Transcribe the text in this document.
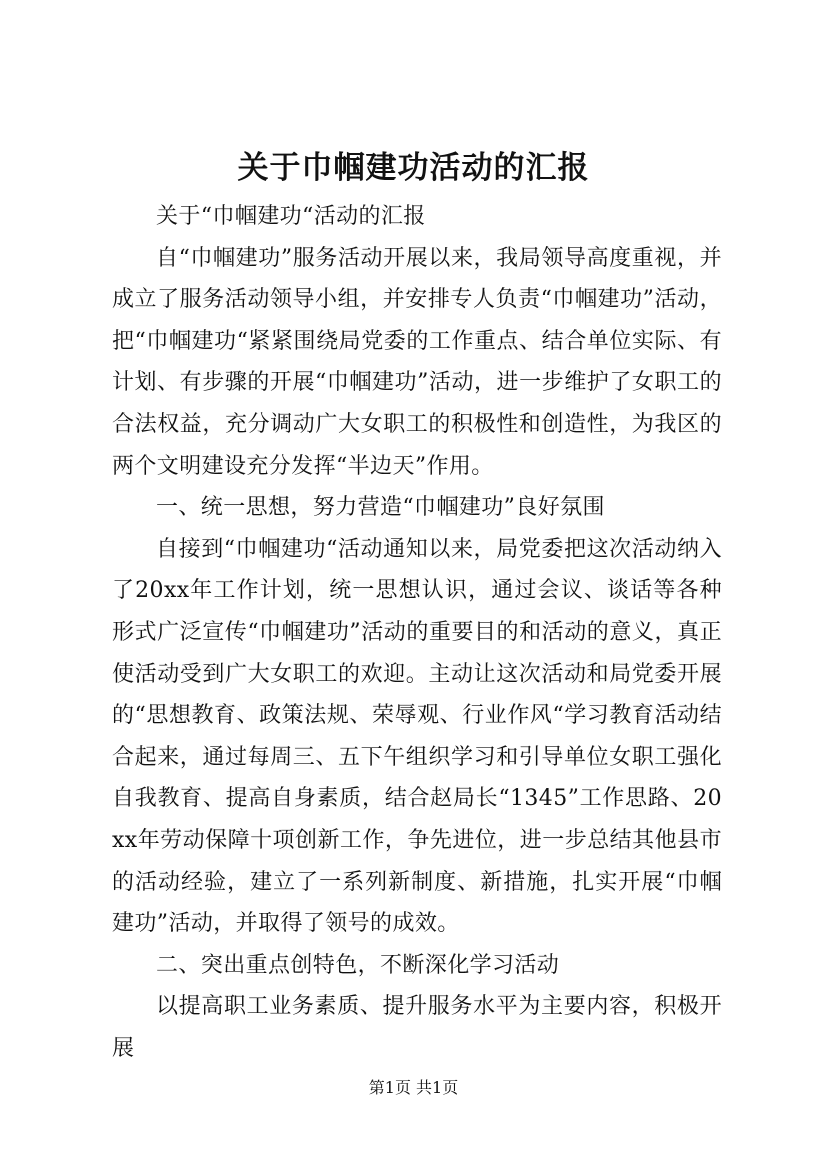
关于巾帼建功活动的汇报

关于“巾帼建功“活动的汇报

自“巾帼建功”服务活动开展以来，我局领导高度重视，并成立了服务活动领导小组，并安排专人负责“巾帼建功”活动，把“巾帼建功“紧紧围绕局党委的工作重点、结合单位实际、有计划、有步骤的开展“巾帼建功”活动，进一步维护了女职工的合法权益，充分调动广大女职工的积极性和创造性，为我区的两个文明建设充分发挥“半边天”作用。

一、统一思想，努力营造“巾帼建功”良好氛围

自接到“巾帼建功“活动通知以来，局党委把这次活动纳入了20xx年工作计划，统一思想认识，通过会议、谈话等各种形式广泛宣传“巾帼建功”活动的重要目的和活动的意义，真正使活动受到广大女职工的欢迎。主动让这次活动和局党委开展的“思想教育、政策法规、荣辱观、行业作风“学习教育活动结合起来，通过每周三、五下午组织学习和引导单位女职工强化自我教育、提高自身素质，结合赵局长“1345”工作思路、20xx年劳动保障十项创新工作，争先进位，进一步总结其他县市的活动经验，建立了一系列新制度、新措施，扎实开展“巾帼建功”活动，并取得了领号的成效。

二、突出重点创特色，不断深化学习活动

以提高职工业务素质、提升服务水平为主要内容，积极开展

第1页 共1页
